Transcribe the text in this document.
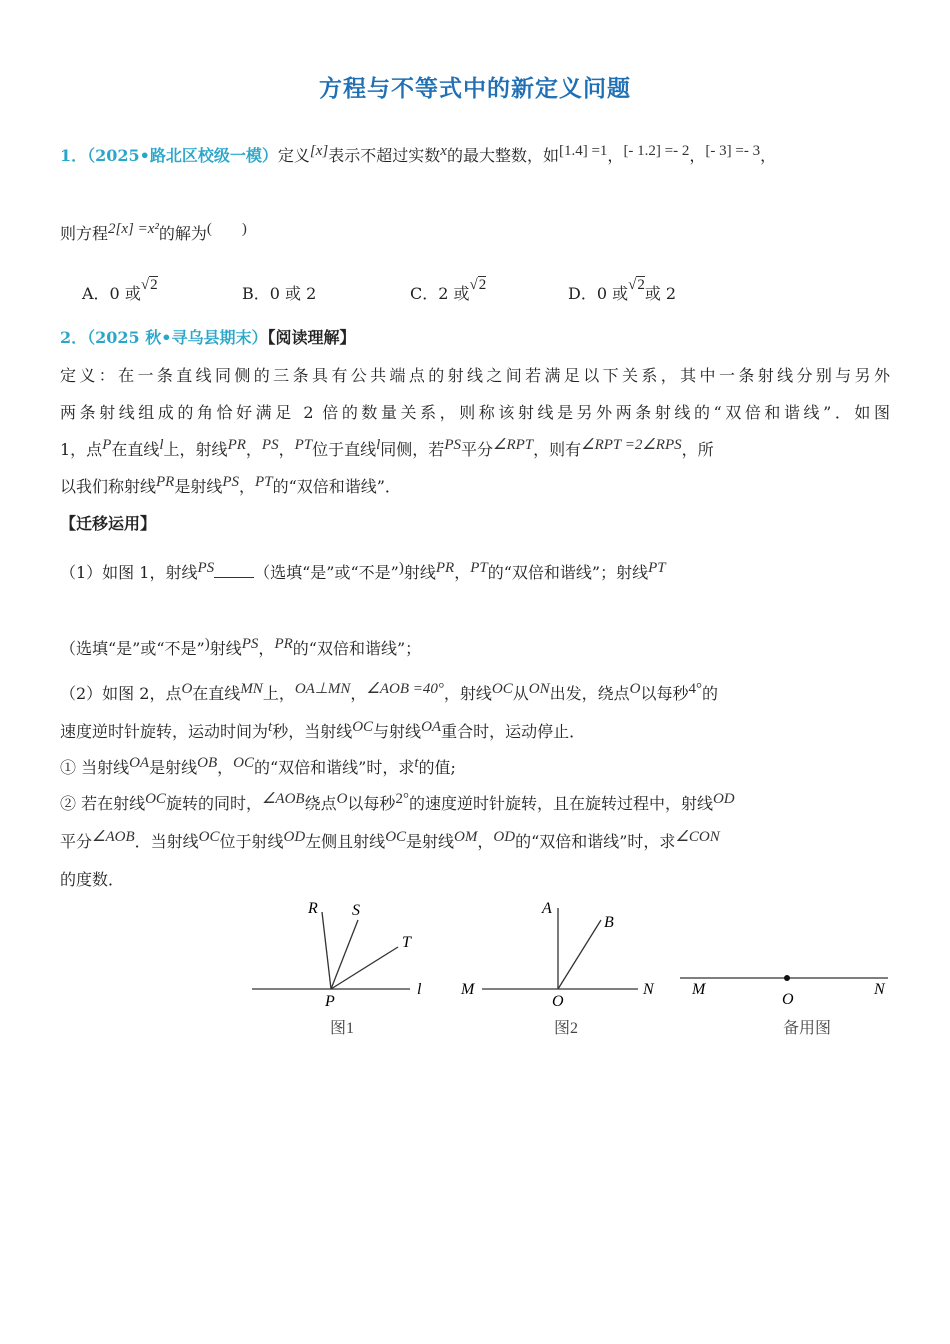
方程与不等式中的新定义问题
1．（2025•路北区校级一模）定义[x]表示不超过实数x的最大整数，如[1.4] =1，[- 1.2] =- 2，[- 3] =- 3，
则方程2[x] =x²的解为(　　)
A．0 或√2	B．0 或 2	C．2 或√2	D．0 或√2或 2
2．（2025 秋•寻乌县期末）【阅读理解】
定义：在一条直线同侧的三条具有公共端点的射线之间若满足以下关系，其中一条射线分别与另外
两条射线组成的角恰好满足 2 倍的数量关系，则称该射线是另外两条射线的“双倍和谐线”．如图
1，点P在直线l上，射线PR，PS，PT位于直线l同侧，若PS平分∠RPT，则有∠RPT =2∠RPS，所
以我们称射线PR是射线PS，PT的“双倍和谐线”．
【迁移运用】
（1）如图 1，射线PS	（选填“是”或“不是”)射线PR，PT的“双倍和谐线”；射线PT
（选填“是”或“不是”)射线PS，PR的“双倍和谐线”；
（2）如图 2，点O在直线MN上，OA⊥MN，∠AOB =40°，射线OC从ON出发，绕点O以每秒4°的
速度逆时针旋转，运动时间为t秒，当射线OC与射线OA重合时，运动停止．
① 当射线OA是射线OB，OC的“双倍和谐线”时，求t的值;
② 若在射线OC旋转的同时，∠AOB绕点O以每秒2°的速度逆时针旋转，且在旋转过程中，射线OD
平分∠AOB．当射线OC位于射线OD左侧且射线OC是射线OM，OD的“双倍和谐线”时，求∠CON
的度数．
R S
T
P
l
图1
A
B
M
O
N
图2
M
O
N
备用图
